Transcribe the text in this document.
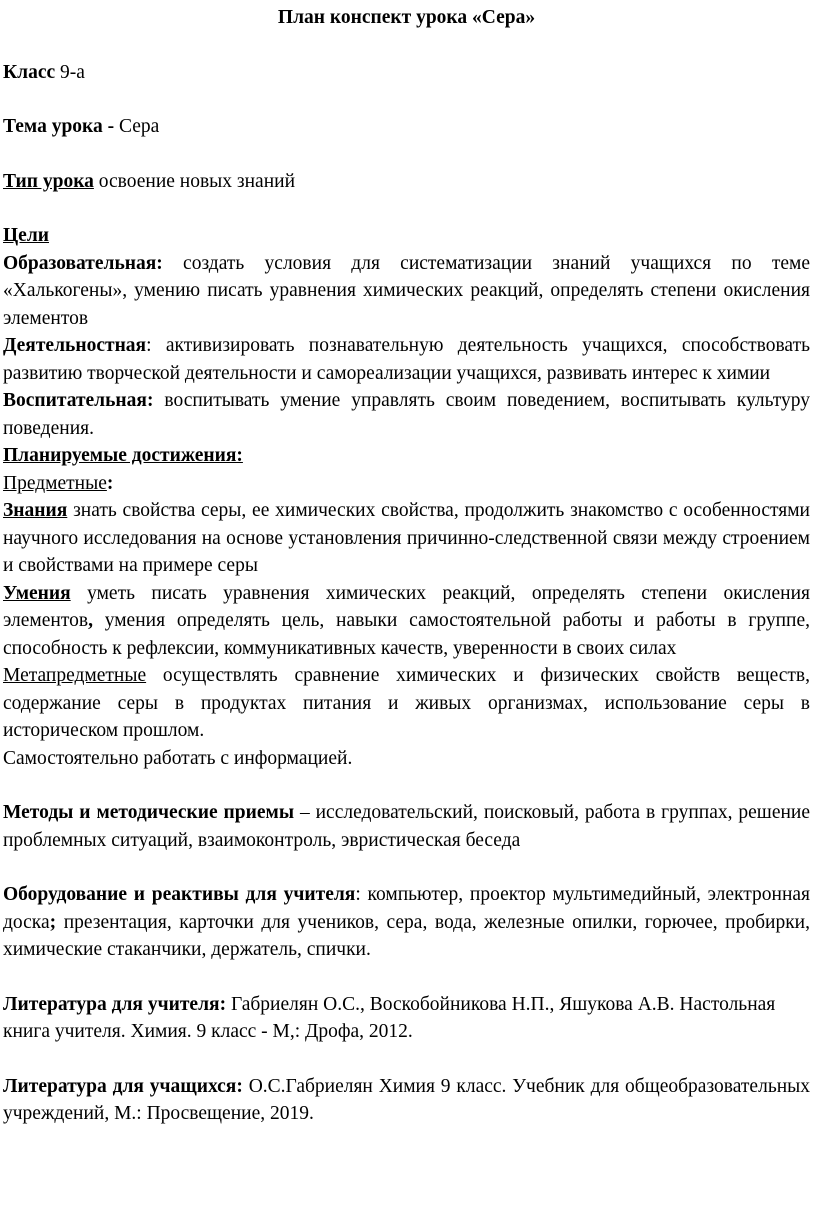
План конспект урока «Сера»

Класс 9-а

Тема урока - Сера

Тип урока освоение новых знаний

Цели

Образовательная: создать условия для систематизации знаний учащихся по теме «Халькогены», умению писать уравнения химических реакций, определять степени окисления элементов

Деятельностная: активизировать познавательную деятельность учащихся, способствовать развитию творческой деятельности и самореализации учащихся, развивать интерес к химии

Воспитательная: воспитывать умение управлять своим поведением, воспитывать культуру поведения.

Планируемые достижения:

Предметные:

Знания знать свойства серы, ее химических свойства, продолжить знакомство с особенностями научного исследования на основе установления причинно-следственной связи между строением и свойствами на примере серы

Умения уметь писать уравнения химических реакций, определять степени окисления элементов, умения определять цель, навыки самостоятельной работы и работы в группе, способность к рефлексии, коммуникативных качеств, уверенности в своих силах

Метапредметные осуществлять сравнение химических и физических свойств веществ, содержание серы в продуктах питания и живых организмах, использование серы в историческом прошлом.

Самостоятельно работать с информацией.

Методы и методические приемы – исследовательский, поисковый, работа в группах, решение проблемных ситуаций, взаимоконтроль, эвристическая беседа

Оборудование и реактивы для учителя: компьютер, проектор мультимедийный, электронная доска; презентация, карточки для учеников, сера, вода, железные опилки, горючее, пробирки, химические стаканчики, держатель, спички.

Литература для учителя: Габриелян О.С., Воскобойникова Н.П., Яшукова А.В. Настольная книга учителя. Химия. 9 класс - М,: Дрофа, 2012.

Литература для учащихся: О.С.Габриелян Химия 9 класс. Учебник для общеобразовательных учреждений, М.: Просвещение, 2019.
